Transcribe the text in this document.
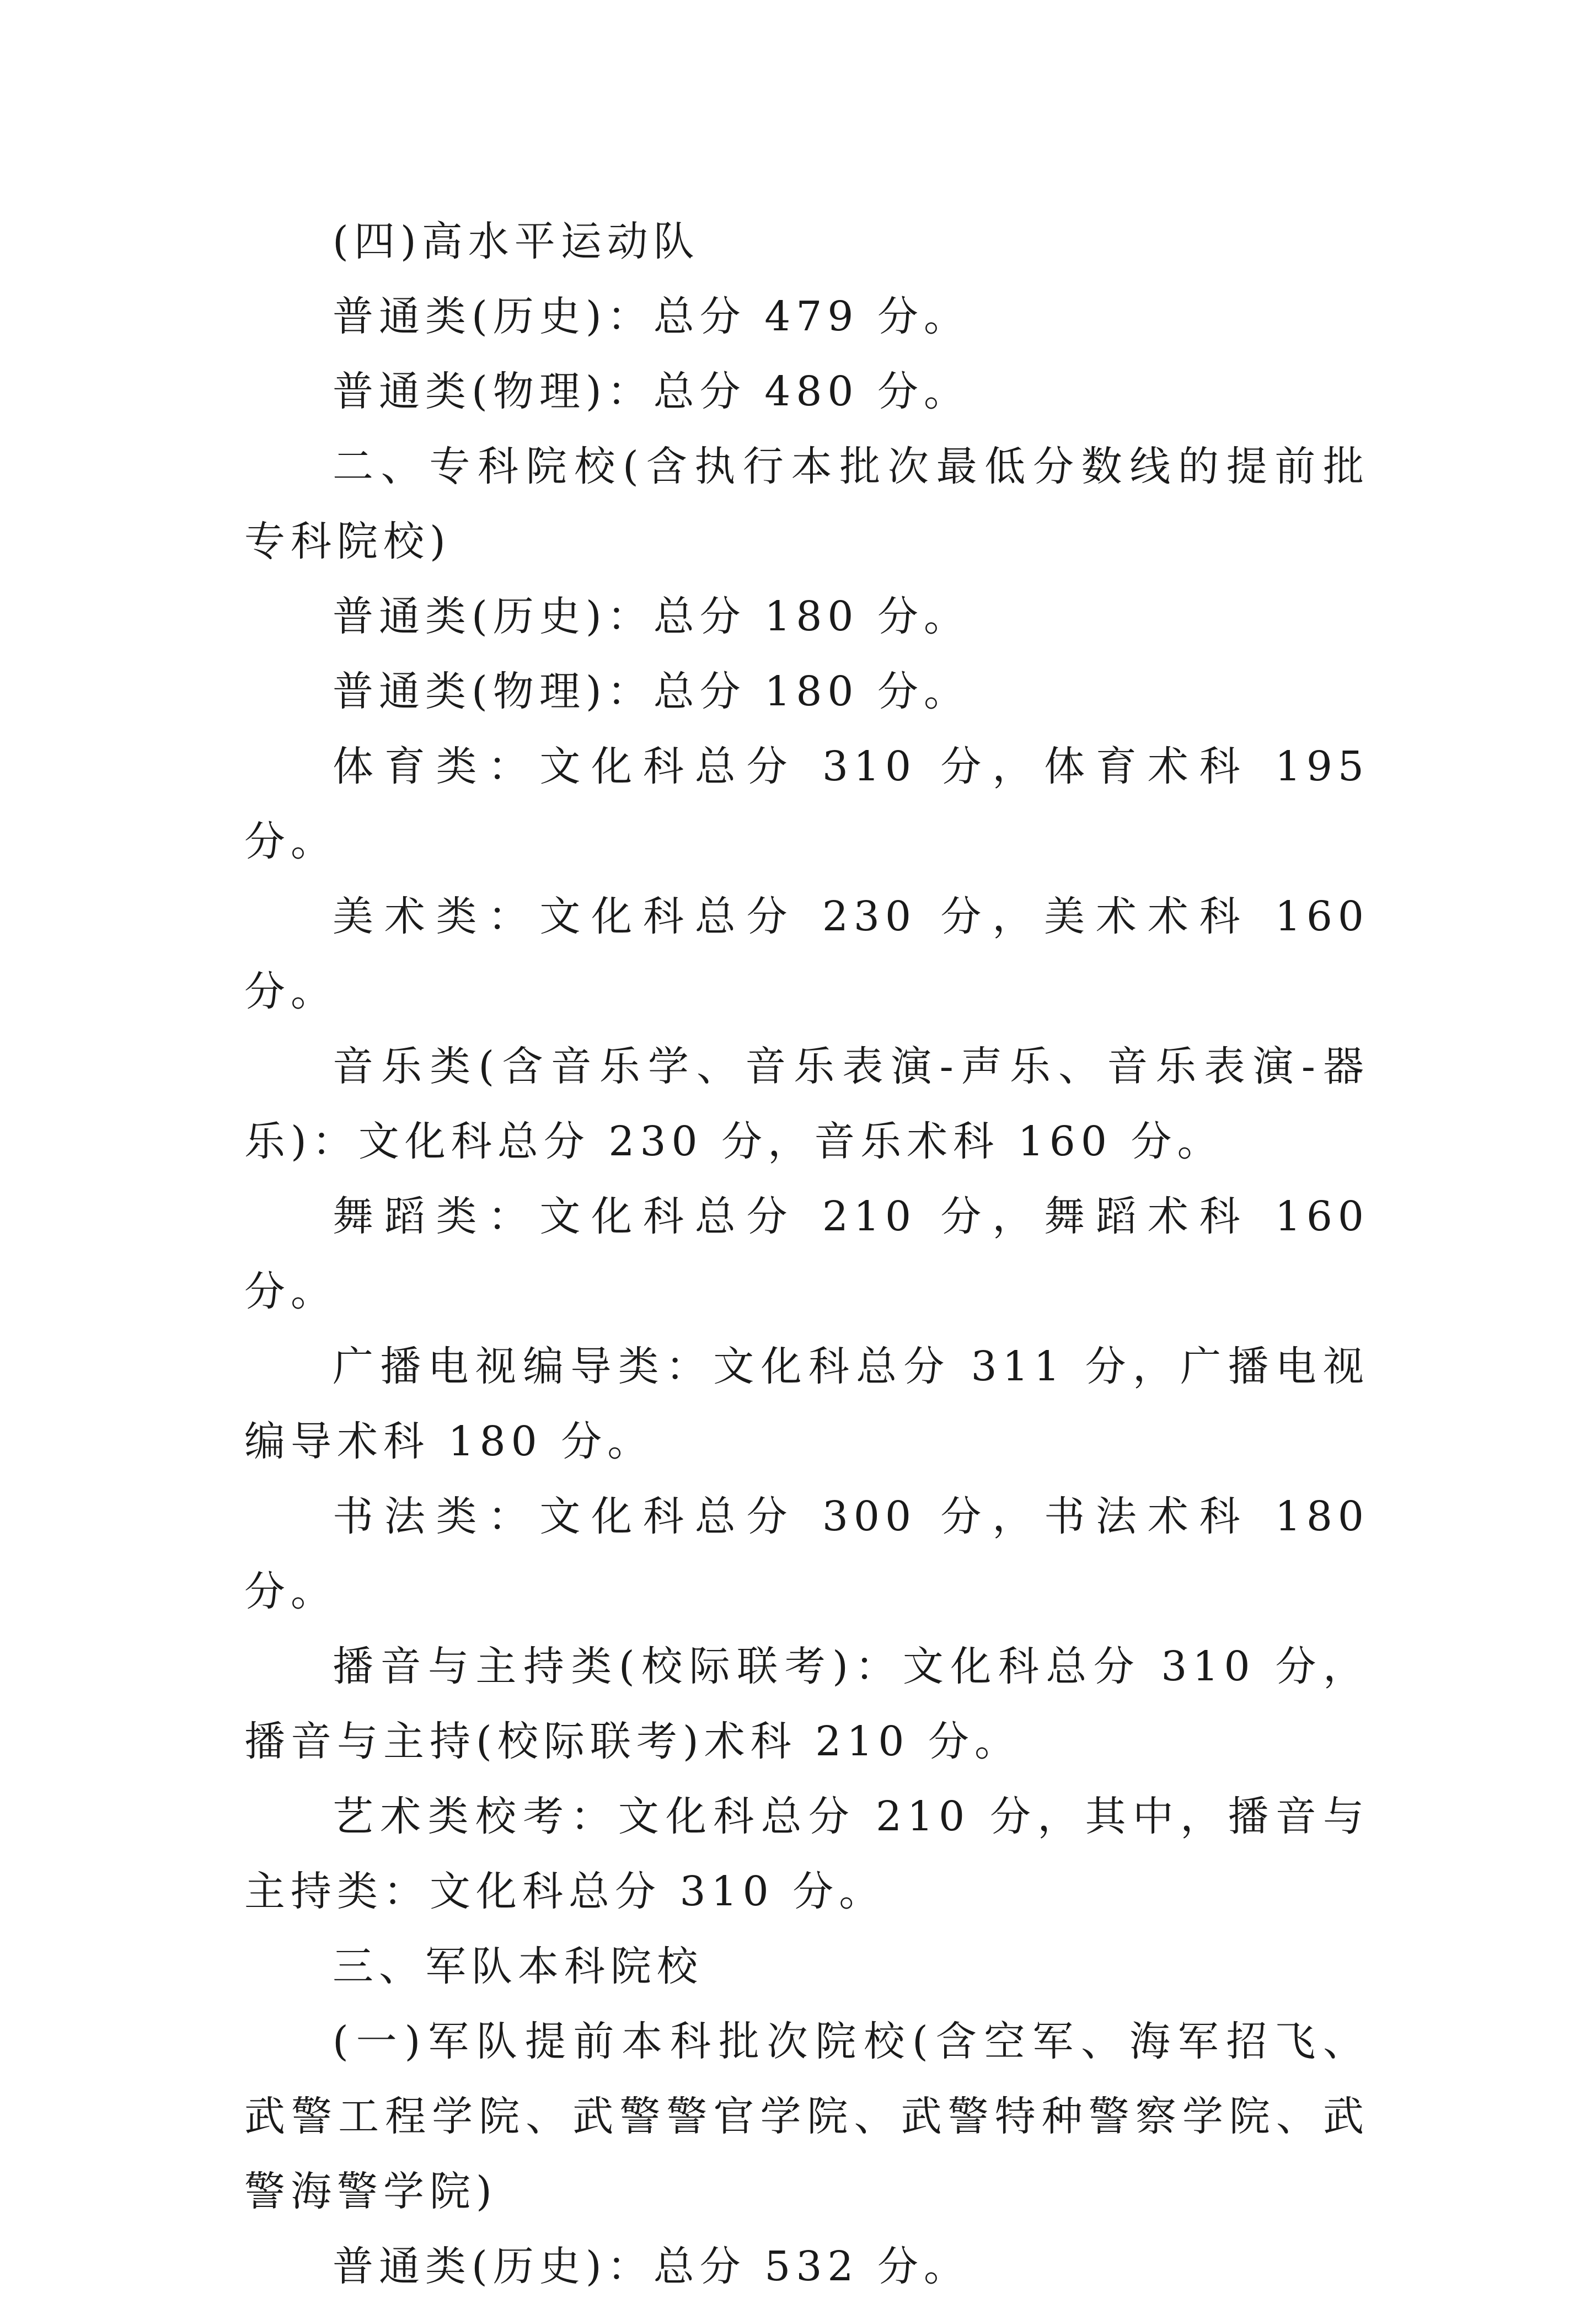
(四)高水平运动队

普通类(历史)：总分 479 分。

普通类(物理)：总分 480 分。

二、专科院校(含执行本批次最低分数线的提前批专科院校)

普通类(历史)：总分 180 分。

普通类(物理)：总分 180 分。

体育类：文化科总分 310 分，体育术科 195 分。

美术类：文化科总分 230 分，美术术科 160 分。

音乐类(含音乐学、音乐表演-声乐、音乐表演-器乐)：文化科总分 230 分，音乐术科 160 分。

舞蹈类：文化科总分 210 分，舞蹈术科 160 分。

广播电视编导类：文化科总分 311 分，广播电视编导术科 180 分。

书法类：文化科总分 300 分，书法术科 180 分。

播音与主持类(校际联考)：文化科总分 310 分，播音与主持(校际联考)术科 210 分。

艺术类校考：文化科总分 210 分，其中，播音与主持类：文化科总分 310 分。

三、军队本科院校

(一)军队提前本科批次院校(含空军、海军招飞、武警工程学院、武警警官学院、武警特种警察学院、武警海警学院)

普通类(历史)：总分 532 分。
